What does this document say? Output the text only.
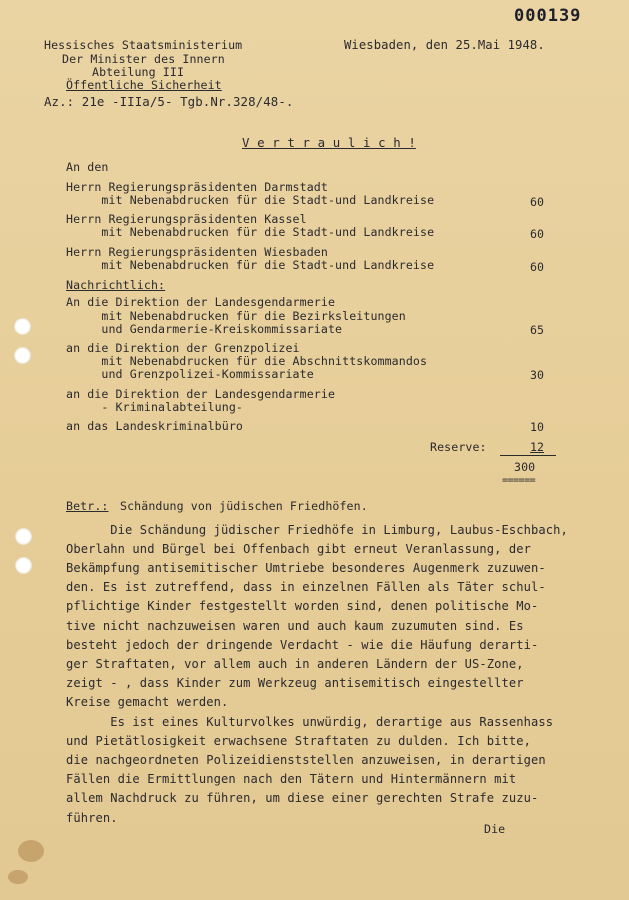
000139
Hessisches Staatsministerium
Der Minister des Innern
Abteilung III
Öffentliche Sicherheit
Wiesbaden, den 25.Mai 1948.
Az.: 21e -IIIa/5- Tgb.Nr.328/48-.
V e r t r a u l i c h !
An den
Herrn Regierungspräsidenten Darmstadt
mit Nebenabdrucken für die Stadt-und Landkreise	60
Herrn Regierungspräsidenten Kassel
mit Nebenabdrucken für die Stadt-und Landkreise	60
Herrn Regierungspräsidenten Wiesbaden
mit Nebenabdrucken für die Stadt-und Landkreise	60
Nachrichtlich:
An die Direktion der Landesgendarmerie
mit Nebenabdrucken für die Bezirksleitungen
und Gendarmerie-Kreiskommissariate	65
an die Direktion der Grenzpolizei
mit Nebenabdrucken für die Abschnittskommandos
und Grenzpolizei-Kommissariate	30
an die Direktion der Landesgendarmerie
- Kriminalabteilung-
an das Landeskriminalbüro	10
Reserve:	12
300
======
Betr.: Schändung von jüdischen Friedhöfen.
Die Schändung jüdischer Friedhöfe in Limburg, Laubus-Eschbach,
Oberlahn und Bürgel bei Offenbach gibt erneut Veranlassung, der
Bekämpfung antisemitischer Umtriebe besonderes Augenmerk zuzuwen-
den. Es ist zutreffend, dass in einzelnen Fällen als Täter schul-
pflichtige Kinder festgestellt worden sind, denen politische Mo-
tive nicht nachzuweisen waren und auch kaum zuzumuten sind. Es
besteht jedoch der dringende Verdacht - wie die Häufung derarti-
ger Straftaten, vor allem auch in anderen Ländern der US-Zone,
zeigt - , dass Kinder zum Werkzeug antisemitisch eingestellter
Kreise gemacht werden.
Es ist eines Kulturvolkes unwürdig, derartige aus Rassenhass
und Pietätlosigkeit erwachsene Straftaten zu dulden. Ich bitte,
die nachgeordneten Polizeidienststellen anzuweisen, in derartigen
Fällen die Ermittlungen nach den Tätern und Hintermännern mit
allem Nachdruck zu führen, um diese einer gerechten Strafe zuzu-
führen.
Die
